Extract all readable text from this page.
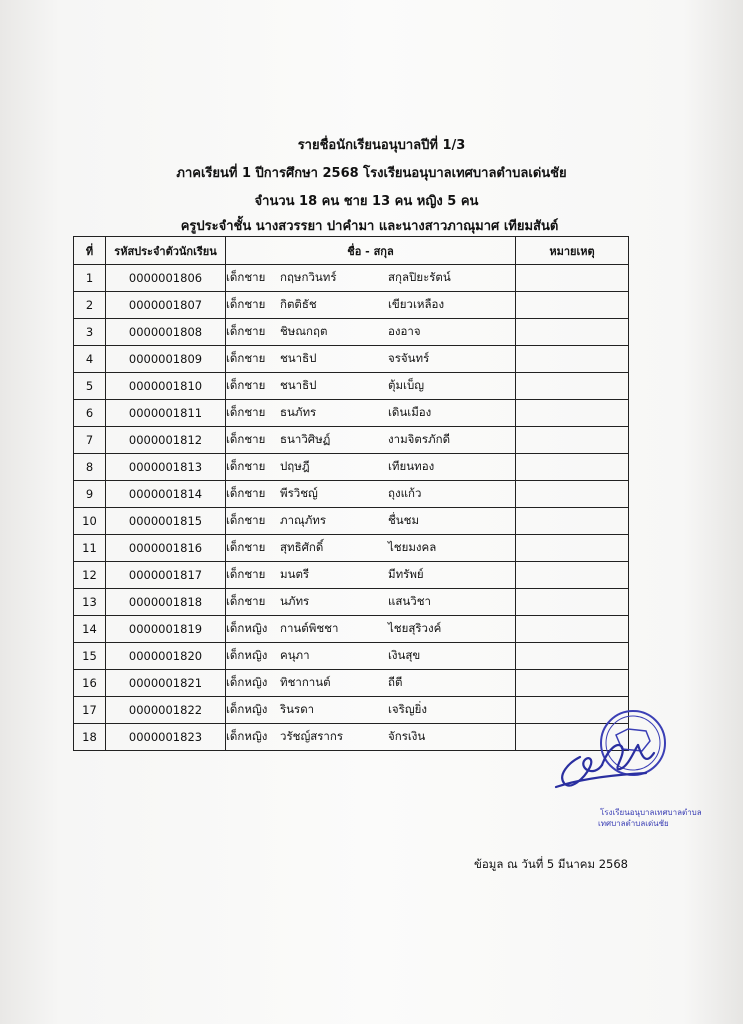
รายชื่อนักเรียนอนุบาลปีที่ 1/3
ภาคเรียนที่ 1 ปีการศึกษา 2568 โรงเรียนอนุบาลเทศบาลตำบลเด่นชัย
จำนวน 18 คน ชาย 13 คน หญิง 5 คน
ครูประจำชั้น นางสวรรยา ปาคำมา และนางสาวภาณุมาศ เทียมสันต์
ที่	รหัสประจำตัวนักเรียน	ชื่อ - สกุล	หมายเหตุ
1	0000001806	เด็กชาย กฤษกวินทร์ สกุลปิยะรัตน์	
2	0000001807	เด็กชาย กิตติธัช เขียวเหลือง	
3	0000001808	เด็กชาย ชิษณกฤต องอาจ	
4	0000001809	เด็กชาย ชนาธิป จรจันทร์	
5	0000001810	เด็กชาย ชนาธิป ตุ้มเบ็ญ	
6	0000001811	เด็กชาย ธนภัทร เดินเมือง	
7	0000001812	เด็กชาย ธนาวิศิษฏ์ งามจิตรภักดี	
8	0000001813	เด็กชาย ปฤษฎี เทียนทอง	
9	0000001814	เด็กชาย พีรวิชญ์ ถุงแก้ว	
10	0000001815	เด็กชาย ภาณุภัทร ชื่นชม	
11	0000001816	เด็กชาย สุทธิศักดิ์ ไชยมงคล	
12	0000001817	เด็กชาย มนตรี มีทรัพย์	
13	0000001818	เด็กชาย นภัทร แสนวิชา	
14	0000001819	เด็กหญิง กานต์พิชชา ไชยสุริวงค์	
15	0000001820	เด็กหญิง คนุภา เงินสุข	
16	0000001821	เด็กหญิง ทิชากานต์ ถีตี	
17	0000001822	เด็กหญิง รินรดา เจริญยิ่ง	
18	0000001823	เด็กหญิง วรัชญ์สรากร จักรเงิน	
โรงเรียนอนุบาลเทศบาลตำบล
เทศบาลตำบลเด่นชัย
ข้อมูล ณ วันที่ 5 มีนาคม 2568
